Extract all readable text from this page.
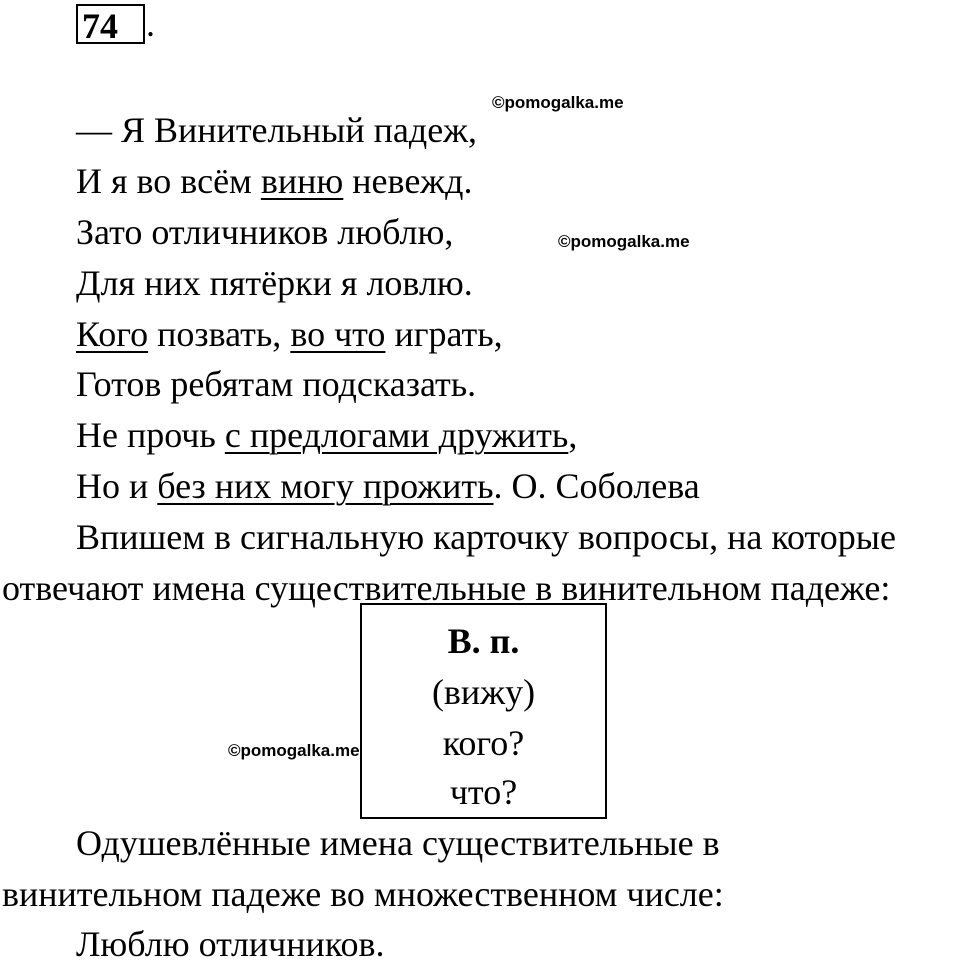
74 .
©pomogalka.me
©pomogalka.me
©pomogalka.me
— Я Винительный падеж,
И я во всём виню невежд.
Зато отличников люблю,
Для них пятёрки я ловлю.
Кого позвать, во что играть,
Готов ребятам подсказать.
Не прочь с предлогами дружить,
Но и без них могу прожить. О. Соболева
Впишем в сигнальную карточку вопросы, на которые
отвечают имена существительные в винительном падеже:
В. п.
(вижу)
кого?
что?
Одушевлённые имена существительные в
винительном падеже во множественном числе:
Люблю отличников.
